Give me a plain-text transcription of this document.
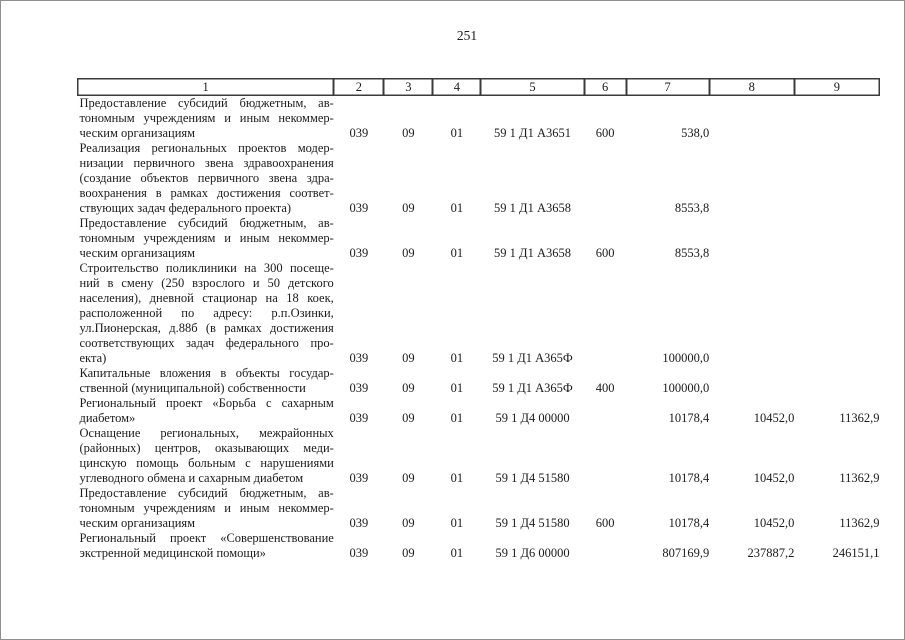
251
1	2	3	4	5	6	7	8	9

Предоставление субсидий бюджетным, ав-
тономным учреждениям и иным некоммер-
ческим организациям	039	09	01	59 1 Д1 А3651	600	538,0		

Реализация региональных проектов модер-
низации первичного звена здравоохранения
(создание объектов первичного звена здра-
воохранения в рамках достижения соответ-
ствующих задач федерального проекта)	039	09	01	59 1 Д1 А3658		8553,8		

Предоставление субсидий бюджетным, ав-
тономным учреждениям и иным некоммер-
ческим организациям	039	09	01	59 1 Д1 А3658	600	8553,8		

Строительство поликлиники на 300 посеще-
ний в смену (250 взрослого и 50 детского
населения), дневной стационар на 18 коек,
расположенной по адресу: р.п.Озинки,
ул.Пионерская, д.88б (в рамках достижения
соответствующих задач федерального про-
екта)	039	09	01	59 1 Д1 А365Ф		100000,0		

Капитальные вложения в объекты государ-
ственной (муниципальной) собственности	039	09	01	59 1 Д1 А365Ф	400	100000,0		

Региональный проект «Борьба с сахарным
диабетом»	039	09	01	59 1 Д4 00000		10178,4	10452,0	11362,9

Оснащение региональных, межрайонных
(районных) центров, оказывающих меди-
цинскую помощь больным с нарушениями
углеводного обмена и сахарным диабетом	039	09	01	59 1 Д4 51580		10178,4	10452,0	11362,9

Предоставление субсидий бюджетным, ав-
тономным учреждениям и иным некоммер-
ческим организациям	039	09	01	59 1 Д4 51580	600	10178,4	10452,0	11362,9

Региональный проект «Совершенствование
экстренной медицинской помощи»	039	09	01	59 1 Д6 00000		807169,9	237887,2	246151,1
